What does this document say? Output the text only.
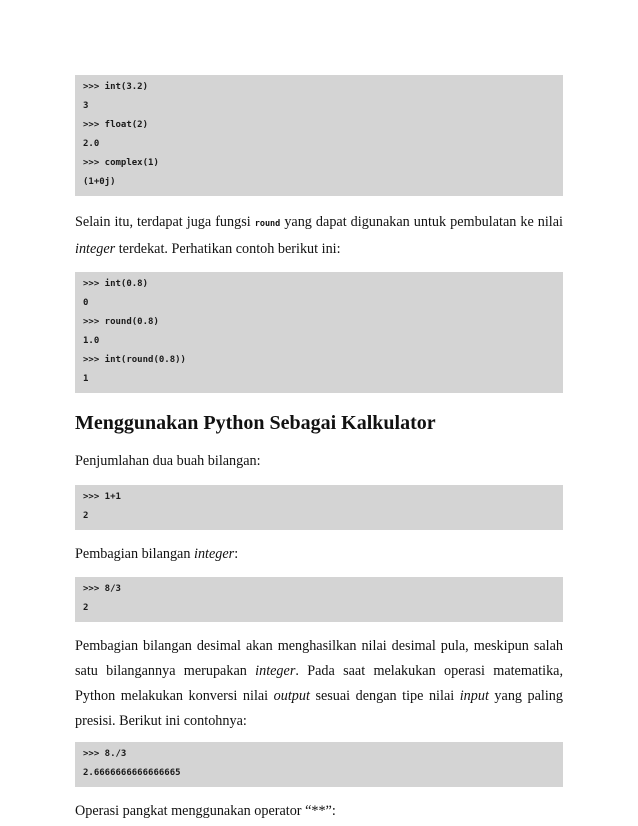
>>> int(3.2)
3
>>> float(2)
2.0
>>> complex(1)
(1+0j)

Selain itu, terdapat juga fungsi round yang dapat digunakan untuk pembulatan ke nilai integer terdekat. Perhatikan contoh berikut ini:

>>> int(0.8)
0
>>> round(0.8)
1.0
>>> int(round(0.8))
1
Menggunakan Python Sebagai Kalkulator

Penjumlahan dua buah bilangan:

>>> 1+1
2

Pembagian bilangan integer:

>>> 8/3
2

Pembagian bilangan desimal akan menghasilkan nilai desimal pula, meskipun salah satu bilangannya merupakan integer. Pada saat melakukan operasi matematika, Python melakukan konversi nilai output sesuai dengan tipe nilai input yang paling presisi. Berikut ini contohnya:

>>> 8./3
2.6666666666666665

Operasi pangkat menggunakan operator “**”:
